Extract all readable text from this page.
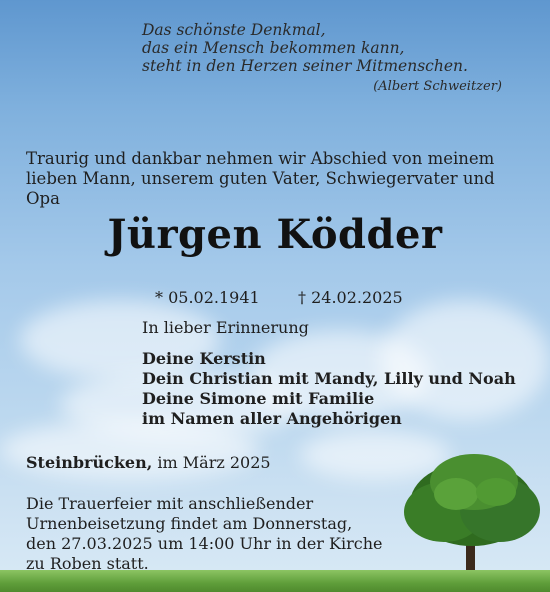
Das schönste Denkmal,
das ein Mensch bekommen kann,
steht in den Herzen seiner Mitmenschen.
(Albert Schweitzer)
Traurig und dankbar nehmen wir Abschied von meinem
lieben Mann, unserem guten Vater, Schwiegervater und Opa
Jürgen Ködder
* 05.02.1941 † 24.02.2025
In lieber Erinnerung
Deine Kerstin
Dein Christian mit Mandy, Lilly und Noah
Deine Simone mit Familie
im Namen aller Angehörigen
Steinbrücken, im März 2025
Die Trauerfeier mit anschließender
Urnenbeisetzung findet am Donnerstag,
den 27.03.2025 um 14:00 Uhr in der Kirche
zu Roben statt.
